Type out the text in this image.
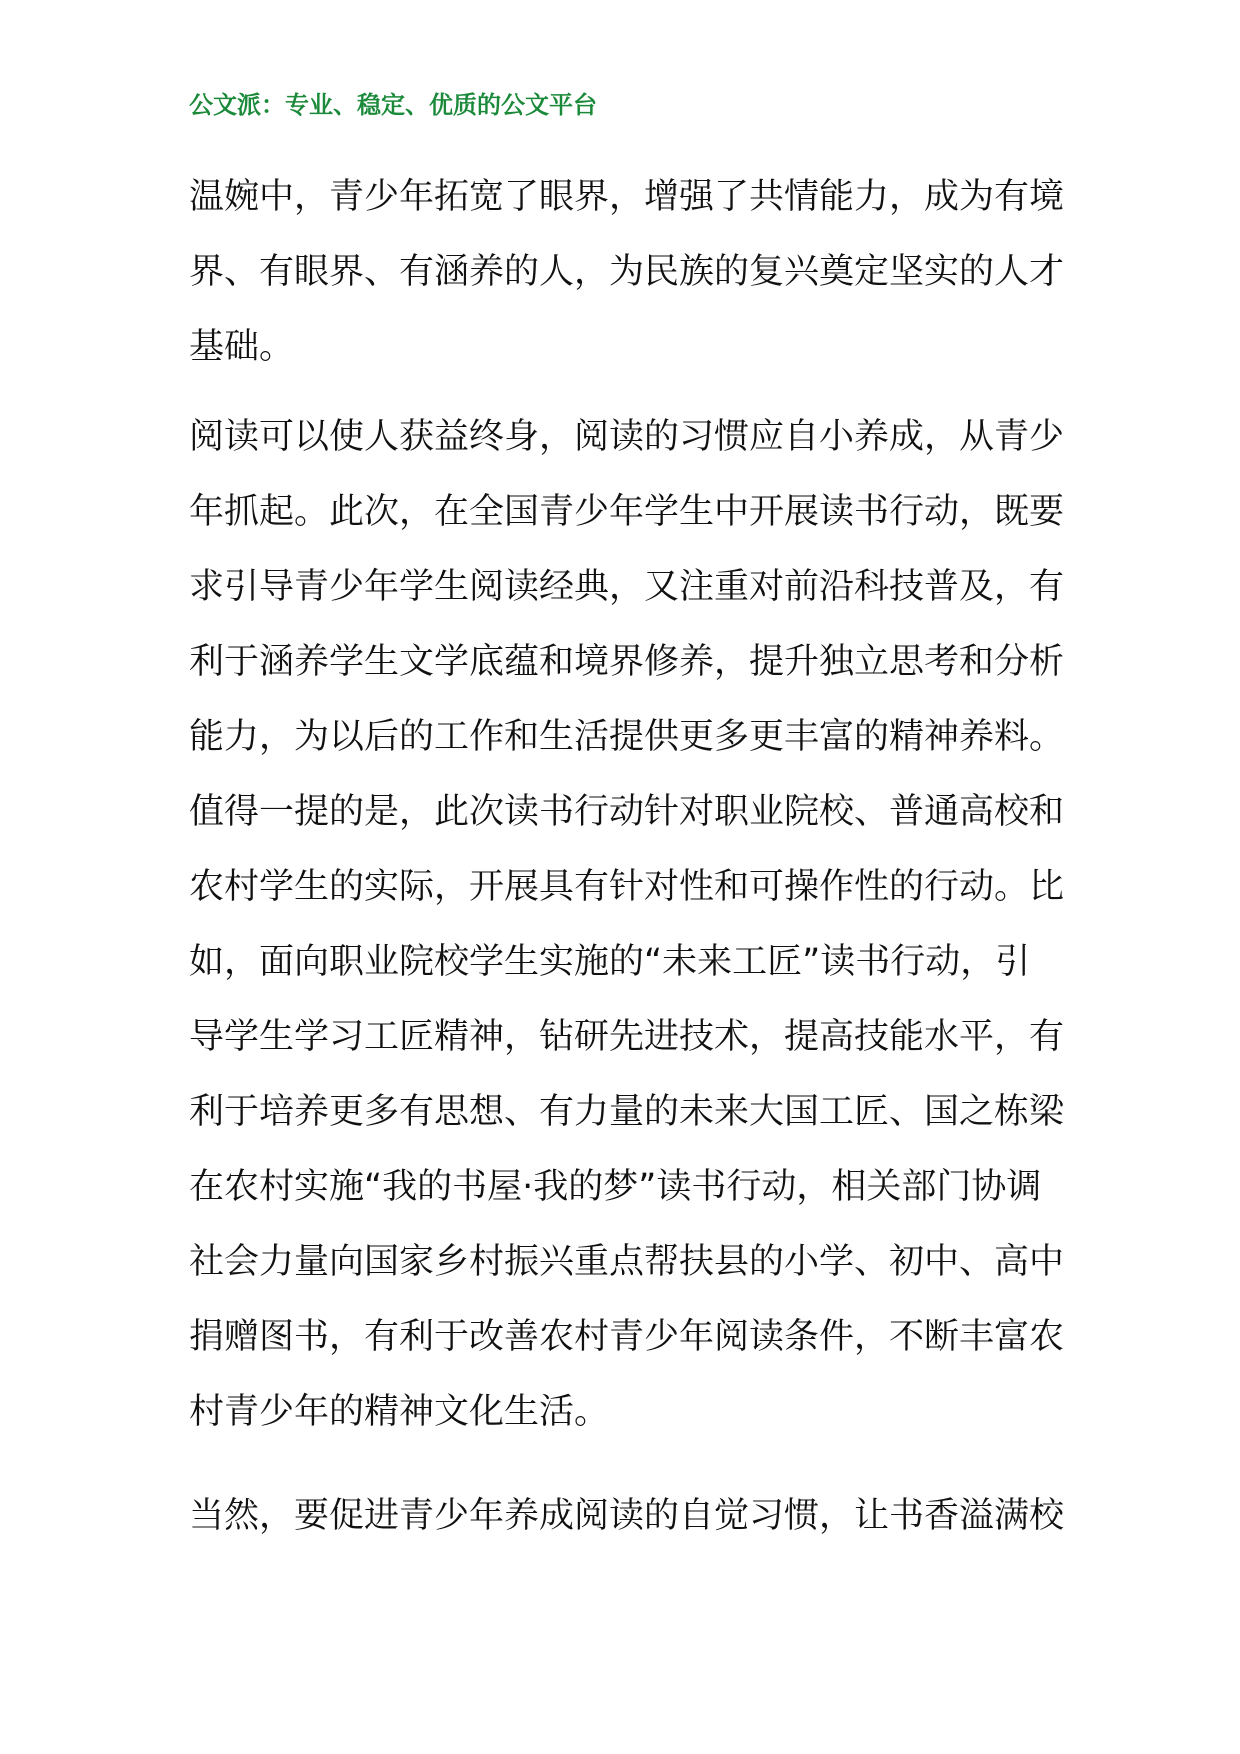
公文派：专业、稳定、优质的公文平台
温婉中，青少年拓宽了眼界，增强了共情能力，成为有境
界、有眼界、有涵养的人，为民族的复兴奠定坚实的人才
基础。
阅读可以使人获益终身，阅读的习惯应自小养成，从青少
年抓起。此次，在全国青少年学生中开展读书行动，既要
求引导青少年学生阅读经典，又注重对前沿科技普及，有
利于涵养学生文学底蕴和境界修养，提升独立思考和分析
能力，为以后的工作和生活提供更多更丰富的精神养料。
值得一提的是，此次读书行动针对职业院校、普通高校和
农村学生的实际，开展具有针对性和可操作性的行动。比
如，面向职业院校学生实施的“未来工匠”读书行动，引
导学生学习工匠精神，钻研先进技术，提高技能水平，有
利于培养更多有思想、有力量的未来大国工匠、国之栋梁
在农村实施“我的书屋·我的梦”读书行动，相关部门协调
社会力量向国家乡村振兴重点帮扶县的小学、初中、高中
捐赠图书，有利于改善农村青少年阅读条件，不断丰富农
村青少年的精神文化生活。
当然，要促进青少年养成阅读的自觉习惯，让书香溢满校
